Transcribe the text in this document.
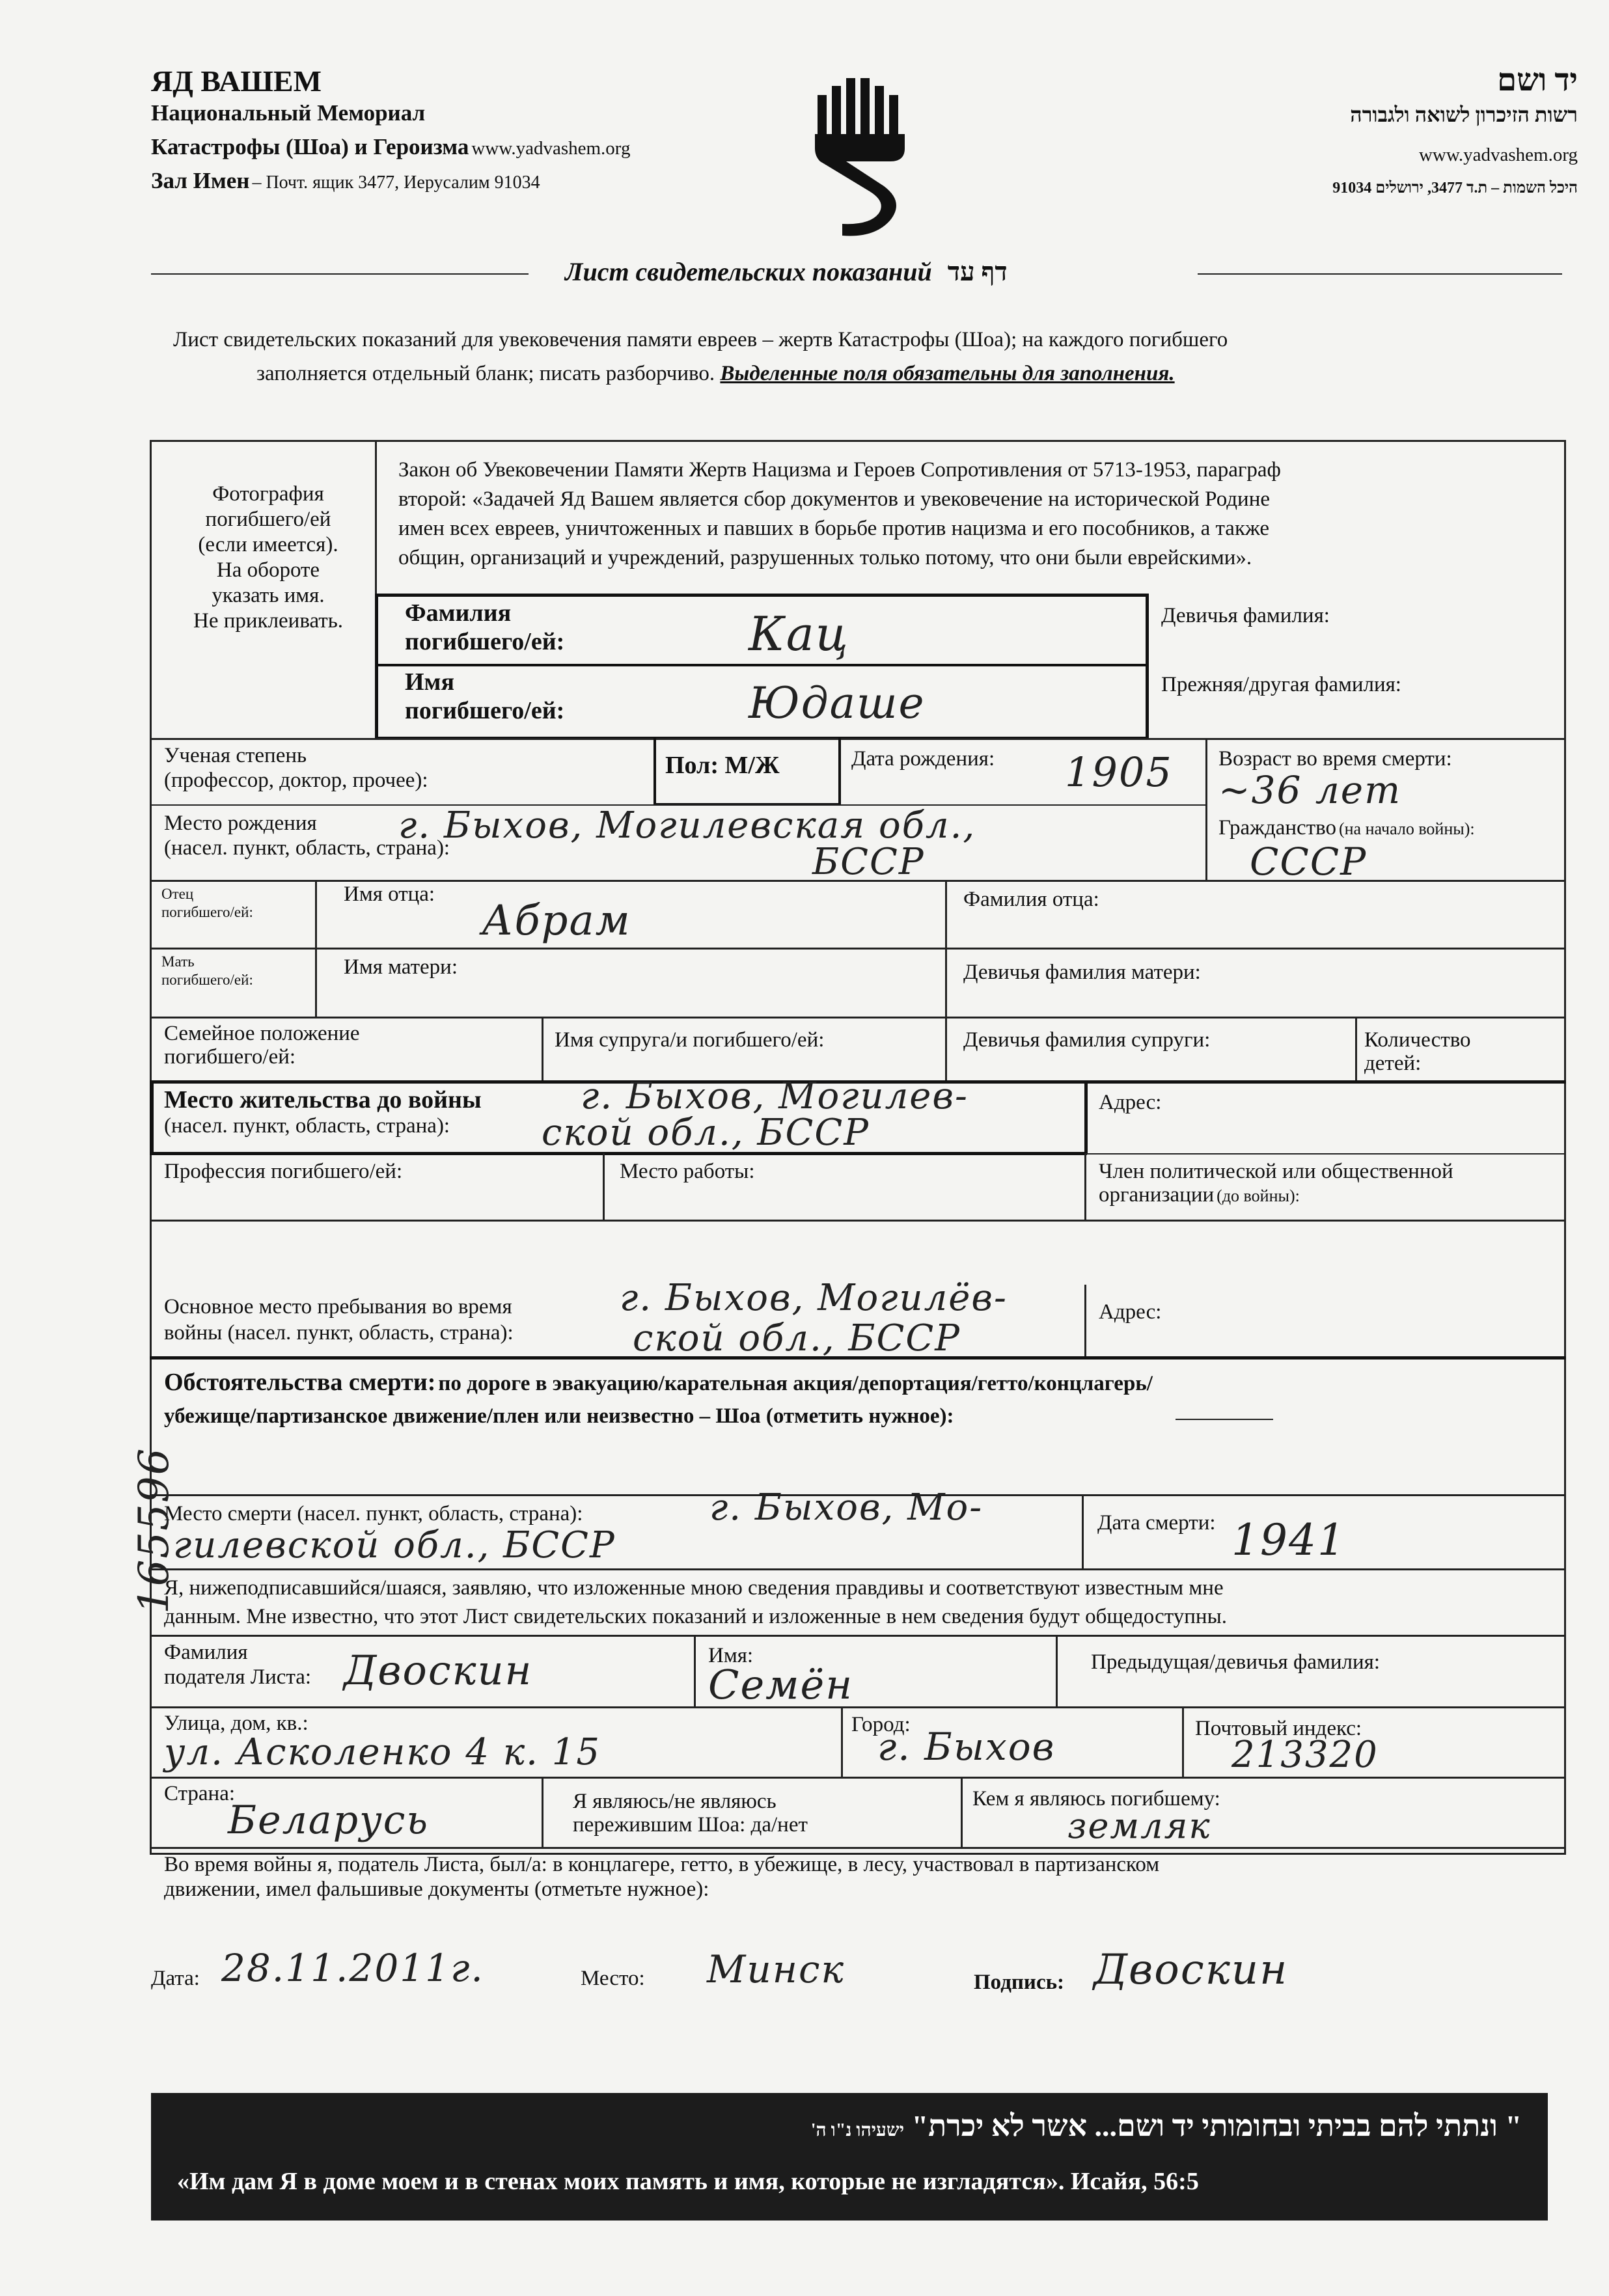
ЯД ВАШЕМ
Национальный Мемориал
Катастрофы (Шоа) и Героизма www.yadvashem.org
Зал Имен – Почт. ящик 3477, Иерусалим 91034
יד ושם
רשות הזיכרון לשואה ולגבורה
www.yadvashem.org
היכל השמות – ת.ד 3477, ירושלים 91034
Лист свидетельских показаний דף עד
Лист свидетельских показаний для увековечения памяти евреев – жертв Катастрофы (Шоа); на каждого погибшего
заполняется отдельный бланк; писать разборчиво. Выделенные поля обязательны для заполнения.
Фотография
погибшего/ей
(если имеется).
На обороте
указать имя.
Не приклеивать.
Закон об Увековечении Памяти Жертв Нацизма и Героев Сопротивления от 5713-1953, параграф
второй: «Задачей Яд Вашем является сбор документов и увековечение на исторической Родине
имен всех евреев, уничтоженных и павших в борьбе против нацизма и его пособников, а также
общин, организаций и учреждений, разрушенных только потому, что они были еврейскими».
Фамилия
погибшего/ей:	Кац	Девичья фамилия:
Имя
погибшего/ей:	Юдаше	Прежняя/другая фамилия:
Ученая степень
(профессор, доктор, прочее):
Пол: М/Ж	Дата рождения: 1905 Возраст во время смерти:
~36 лет
Место рождения
(насел. пункт, область, страна):
г. Быхов, Могилевская обл.,
БССР
Гражданство (на начало войны):
СССР
Отец
погибшего/ей:
Имя отца:
Абрам	Фамилия отца:
Мать
погибшего/ей:
Имя матери:	Девичья фамилия матери:
Семейное положение
погибшего/ей:
Имя супруга/и погибшего/ей:	Девичья фамилия супруги:	Количество
детей:
Место жительства до войны
(насел. пункт, область, страна):
г. Быхов, Могилев-
ской обл., БССР
Адрес:
Профессия погибшего/ей:	Место работы:	Член политической или общественной
организации (до войны):
Основное место пребывания во время
войны (насел. пункт, область, страна):
г. Быхов, Могилёв-
ской обл., БССР
Адрес:
Обстоятельства смерти: по дороге в эвакуацию/карательная акция/депортация/гетто/концлагерь/
убежище/партизанское движение/плен или неизвестно – Шоа (отметить нужное):
Место смерти (насел. пункт, область, страна):	г. Быхов, Мо-
гилевской обл., БССР
Дата смерти: 1941
Я, нижеподписавшийся/шаяся, заявляю, что изложенные мною сведения правдивы и соответствуют известным мне
данным. Мне известно, что этот Лист свидетельских показаний и изложенные в нем сведения будут общедоступны.
Фамилия
подателя Листа: Двоскин	Имя:
Семён	Предыдущая/девичья фамилия:
Улица, дом, кв.:
ул. Асколенко 4 к. 15
Город:
г. Быхов	Почтовый индекс:
213320
Страна:
Беларусь	Я являюсь/не являюсь
пережившим Шоа: да/нет
Кем я являюсь погибшему:
земляк
Во время войны я, податель Листа, был/а: в концлагере, гетто, в убежище, в лесу, участвовал в партизанском
движении, имел фальшивые документы (отметьте нужное):
Дата: 28.11.2011г.	Место: Минск	Подпись: Двоскин
165596
" ונתתי להם בביתי ובחומותי יד ושם... אשר לא יכרת" ישעיהו נ"ו ה'
«Им дам Я в доме моем и в стенах моих память и имя, которые не изгладятся». Исайя, 56:5
